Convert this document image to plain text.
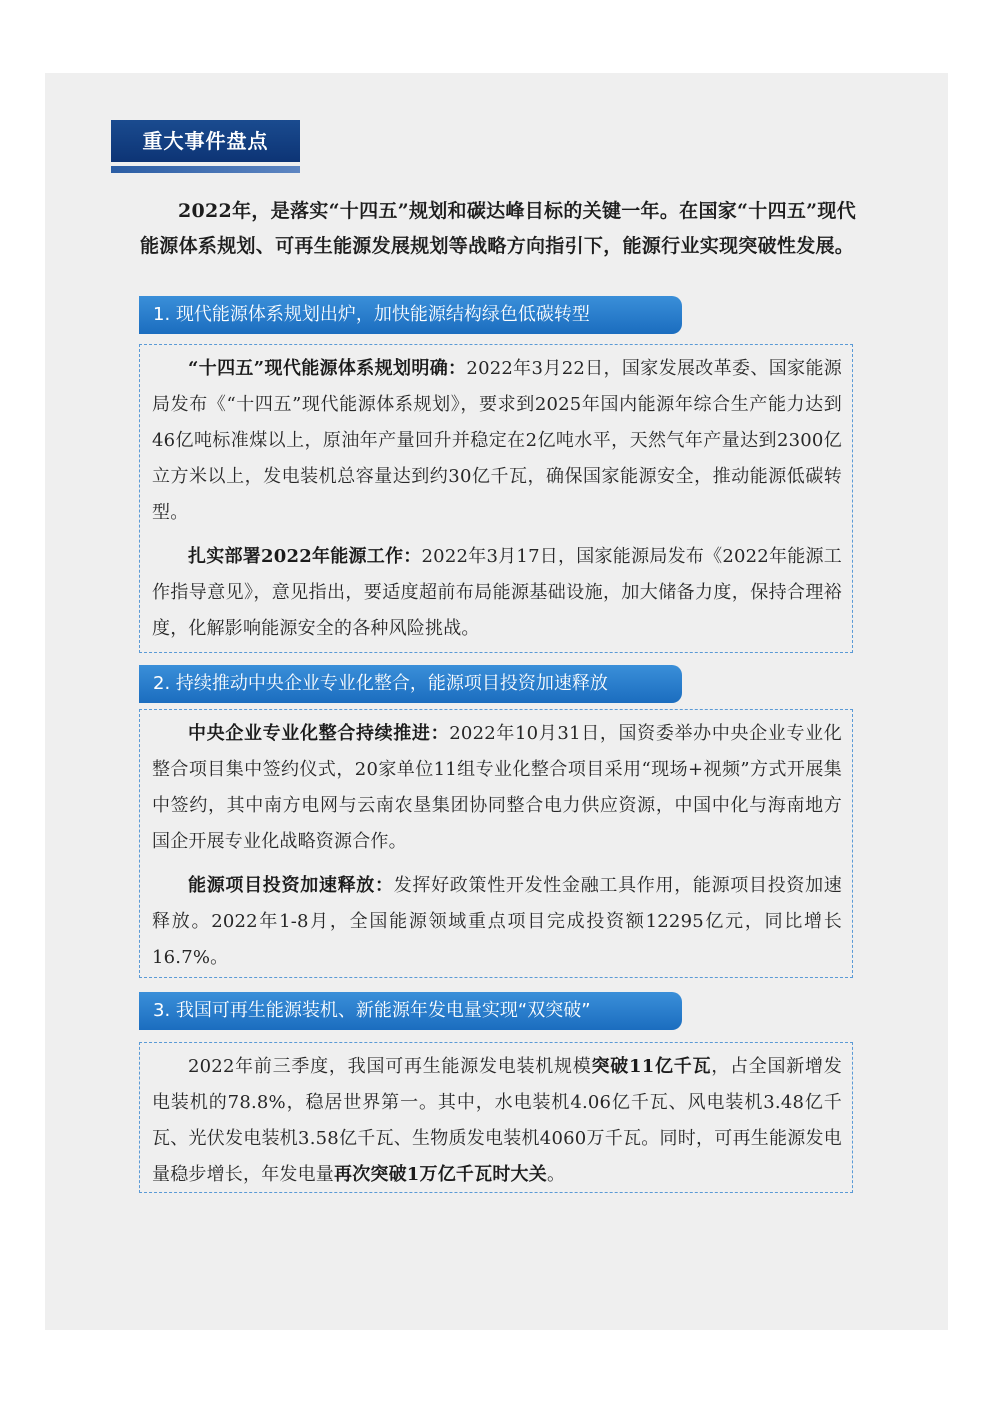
重大事件盘点

2022年，是落实“十四五”规划和碳达峰目标的关键一年。在国家“十四五”现代能源体系规划、可再生能源发展规划等战略方向指引下，能源行业实现突破性发展。

1. 现代能源体系规划出炉，加快能源结构绿色低碳转型

“十四五”现代能源体系规划明确：2022年3月22日，国家发展改革委、国家能源局发布《“十四五”现代能源体系规划》，要求到2025年国内能源年综合生产能力达到46亿吨标准煤以上，原油年产量回升并稳定在2亿吨水平，天然气年产量达到2300亿立方米以上，发电装机总容量达到约30亿千瓦，确保国家能源安全，推动能源低碳转型。

扎实部署2022年能源工作：2022年3月17日，国家能源局发布《2022年能源工作指导意见》，意见指出，要适度超前布局能源基础设施，加大储备力度，保持合理裕度，化解影响能源安全的各种风险挑战。

2. 持续推动中央企业专业化整合，能源项目投资加速释放

中央企业专业化整合持续推进：2022年10月31日，国资委举办中央企业专业化整合项目集中签约仪式，20家单位11组专业化整合项目采用“现场+视频”方式开展集中签约，其中南方电网与云南农垦集团协同整合电力供应资源，中国中化与海南地方国企开展专业化战略资源合作。

能源项目投资加速释放：发挥好政策性开发性金融工具作用，能源项目投资加速释放。2022年1-8月，全国能源领域重点项目完成投资额12295亿元，同比增长16.7%。

3. 我国可再生能源装机、新能源年发电量实现“双突破”

2022年前三季度，我国可再生能源发电装机规模突破11亿千瓦，占全国新增发电装机的78.8%，稳居世界第一。其中，水电装机4.06亿千瓦、风电装机3.48亿千瓦、光伏发电装机3.58亿千瓦、生物质发电装机4060万千瓦。同时，可再生能源发电量稳步增长，年发电量再次突破1万亿千瓦时大关。
